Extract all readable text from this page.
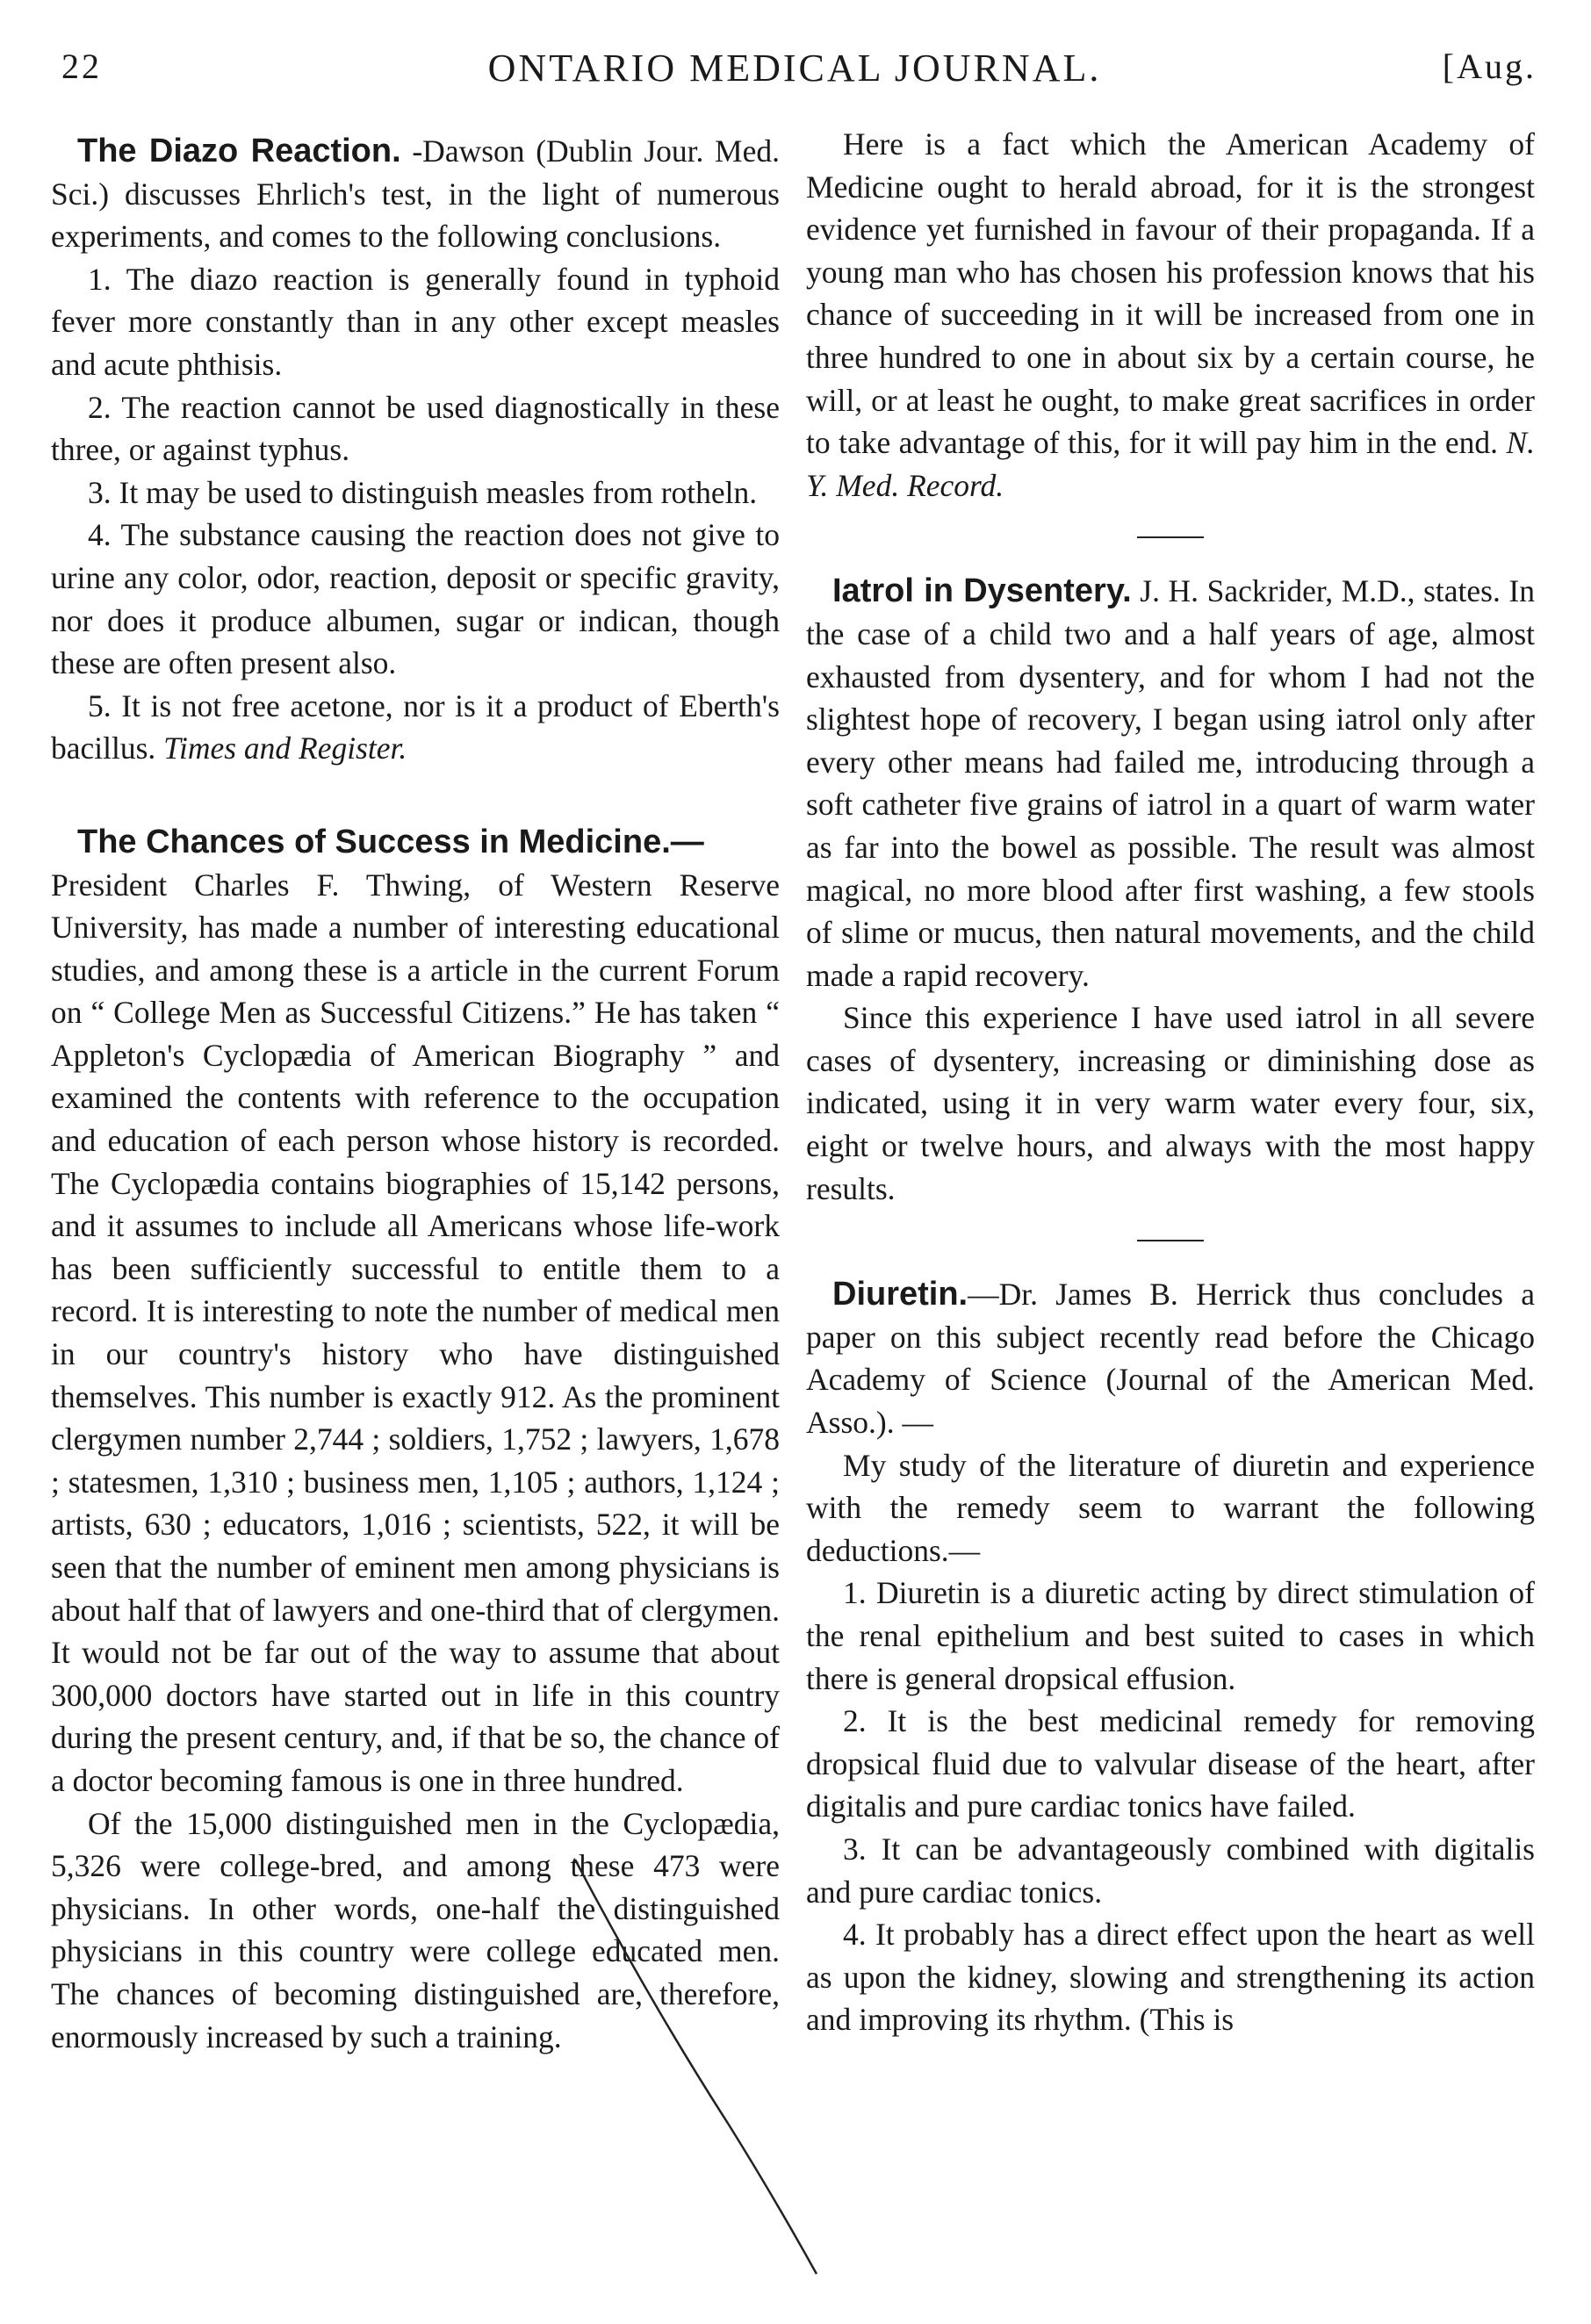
22	ONTARIO MEDICAL JOURNAL.	[Aug.

The Diazo Reaction. -Dawson (Dublin Jour. Med. Sci.) discusses Ehrlich's test, in the light of numerous experiments, and comes to the following conclusions.

1. The diazo reaction is generally found in typhoid fever more constantly than in any other except measles and acute phthisis.

2. The reaction cannot be used diagnostically in these three, or against typhus.

3. It may be used to distinguish measles from rotheln.

4. The substance causing the reaction does not give to urine any color, odor, reaction, deposit or specific gravity, nor does it produce albumen, sugar or indican, though these are often present also.

5. It is not free acetone, nor is it a product of Eberth's bacillus. Times and Register.

The Chances of Success in Medicine.—

President Charles F. Thwing, of Western Reserve University, has made a number of interesting educational studies, and among these is a article in the current Forum on “ College Men as Successful Citizens.” He has taken “ Appleton's Cyclopædia of American Biography ” and examined the contents with reference to the occupation and education of each person whose history is recorded. The Cyclopædia contains biographies of 15,142 persons, and it assumes to include all Americans whose life-work has been sufficiently successful to entitle them to a record. It is interesting to note the number of medical men in our country's history who have distinguished themselves. This number is exactly 912. As the prominent clergymen number 2,744 ; soldiers, 1,752 ; lawyers, 1,678 ; statesmen, 1,310 ; business men, 1,105 ; authors, 1,124 ; artists, 630 ; educators, 1,016 ; scientists, 522, it will be seen that the number of eminent men among physicians is about half that of lawyers and one-third that of clergymen. It would not be far out of the way to assume that about 300,000 doctors have started out in life in this country during the present century, and, if that be so, the chance of a doctor becoming famous is one in three hundred.

Of the 15,000 distinguished men in the Cyclopædia, 5,326 were college-bred, and among these 473 were physicians. In other words, one-half the distinguished physicians in this country were college educated men. The chances of becoming distinguished are, therefore, enormously increased by such a training.

Here is a fact which the American Academy of Medicine ought to herald abroad, for it is the strongest evidence yet furnished in favour of their propaganda. If a young man who has chosen his profession knows that his chance of succeeding in it will be increased from one in three hundred to one in about six by a certain course, he will, or at least he ought, to make great sacrifices in order to take advantage of this, for it will pay him in the end. N. Y. Med. Record.

Iatrol in Dysentery. J. H. Sackrider, M.D., states. In the case of a child two and a half years of age, almost exhausted from dysentery, and for whom I had not the slightest hope of recovery, I began using iatrol only after every other means had failed me, introducing through a soft catheter five grains of iatrol in a quart of warm water as far into the bowel as possible. The result was almost magical, no more blood after first washing, a few stools of slime or mucus, then natural movements, and the child made a rapid recovery.

Since this experience I have used iatrol in all severe cases of dysentery, increasing or diminishing dose as indicated, using it in very warm water every four, six, eight or twelve hours, and always with the most happy results.

Diuretin.—Dr. James B. Herrick thus concludes a paper on this subject recently read before the Chicago Academy of Science (Journal of the American Med. Asso.). —

My study of the literature of diuretin and experience with the remedy seem to warrant the following deductions.—

1. Diuretin is a diuretic acting by direct stimulation of the renal epithelium and best suited to cases in which there is general dropsical effusion.

2. It is the best medicinal remedy for removing dropsical fluid due to valvular disease of the heart, after digitalis and pure cardiac tonics have failed.

3. It can be advantageously combined with digitalis and pure cardiac tonics.

4. It probably has a direct effect upon the heart as well as upon the kidney, slowing and strengthening its action and improving its rhythm. (This is
